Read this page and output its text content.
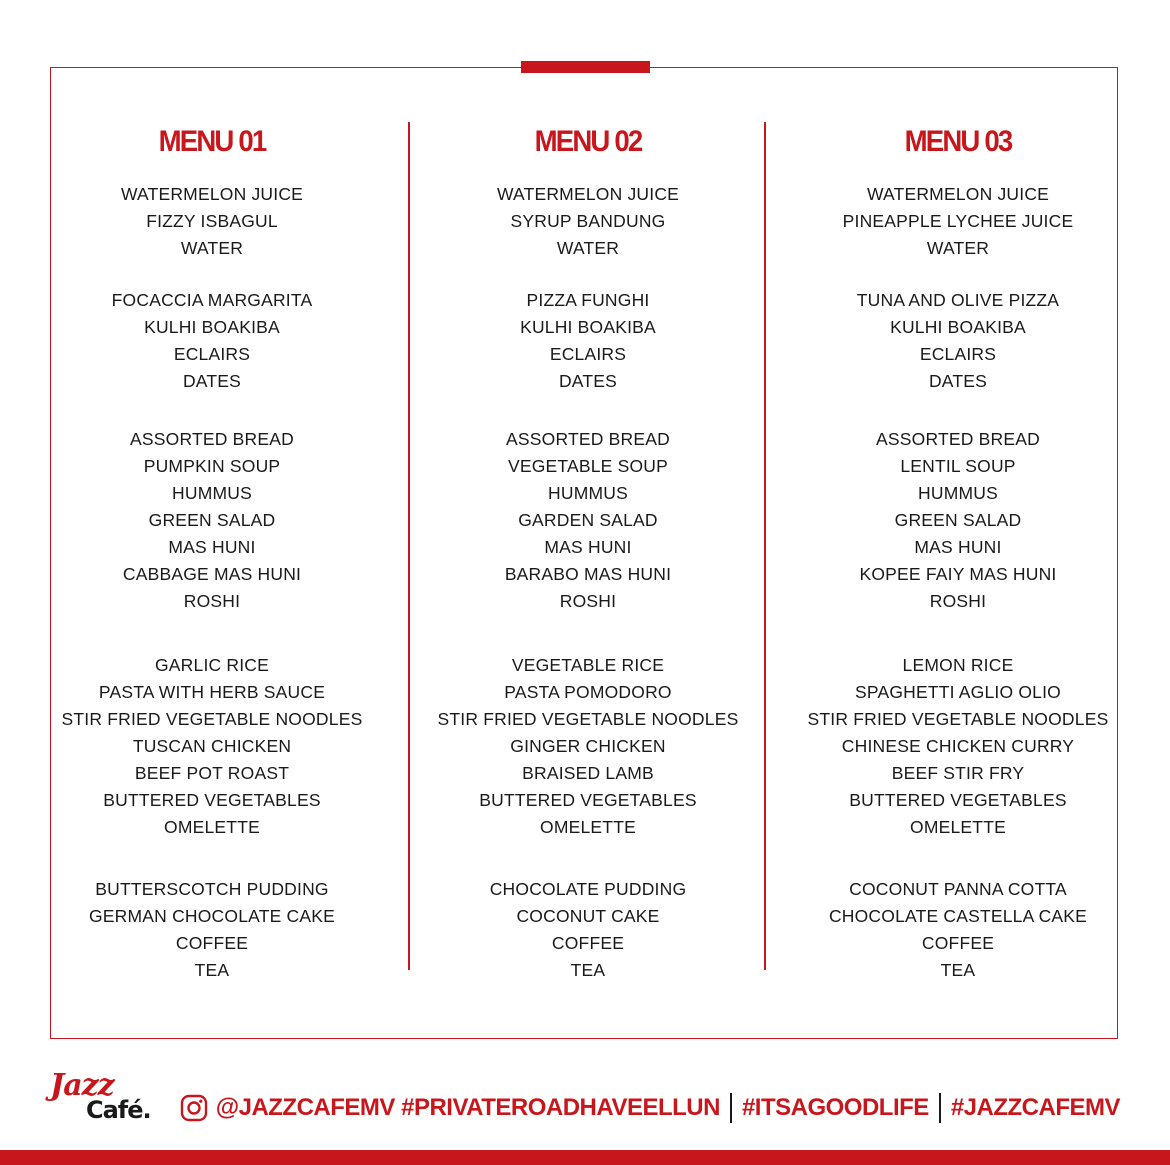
MENU 01
WATERMELON JUICE
FIZZY ISBAGUL
WATER
FOCACCIA MARGARITA
KULHI BOAKIBA
ECLAIRS
DATES
ASSORTED BREAD
PUMPKIN SOUP
HUMMUS
GREEN SALAD
MAS HUNI
CABBAGE MAS HUNI
ROSHI
GARLIC RICE
PASTA WITH HERB SAUCE
STIR FRIED VEGETABLE NOODLES
TUSCAN CHICKEN
BEEF POT ROAST
BUTTERED VEGETABLES
OMELETTE
BUTTERSCOTCH PUDDING
GERMAN CHOCOLATE CAKE
COFFEE
TEA
MENU 02
WATERMELON JUICE
SYRUP BANDUNG
WATER
PIZZA FUNGHI
KULHI BOAKIBA
ECLAIRS
DATES
ASSORTED BREAD
VEGETABLE SOUP
HUMMUS
GARDEN SALAD
MAS HUNI
BARABO MAS HUNI
ROSHI
VEGETABLE RICE
PASTA POMODORO
STIR FRIED VEGETABLE NOODLES
GINGER CHICKEN
BRAISED LAMB
BUTTERED VEGETABLES
OMELETTE
CHOCOLATE PUDDING
COCONUT CAKE
COFFEE
TEA
MENU 03
WATERMELON JUICE
PINEAPPLE LYCHEE JUICE
WATER
TUNA AND OLIVE PIZZA
KULHI BOAKIBA
ECLAIRS
DATES
ASSORTED BREAD
LENTIL SOUP
HUMMUS
GREEN SALAD
MAS HUNI
KOPEE FAIY MAS HUNI
ROSHI
LEMON RICE
SPAGHETTI AGLIO OLIO
STIR FRIED VEGETABLE NOODLES
CHINESE CHICKEN CURRY
BEEF STIR FRY
BUTTERED VEGETABLES
OMELETTE
COCONUT PANNA COTTA
CHOCOLATE CASTELLA CAKE
COFFEE
TEA
Jazz
Café.	@JAZZCAFEMV #PRIVATEROADHAVEELLUN #ITSAGOODLIFE #JAZZCAFEMV
